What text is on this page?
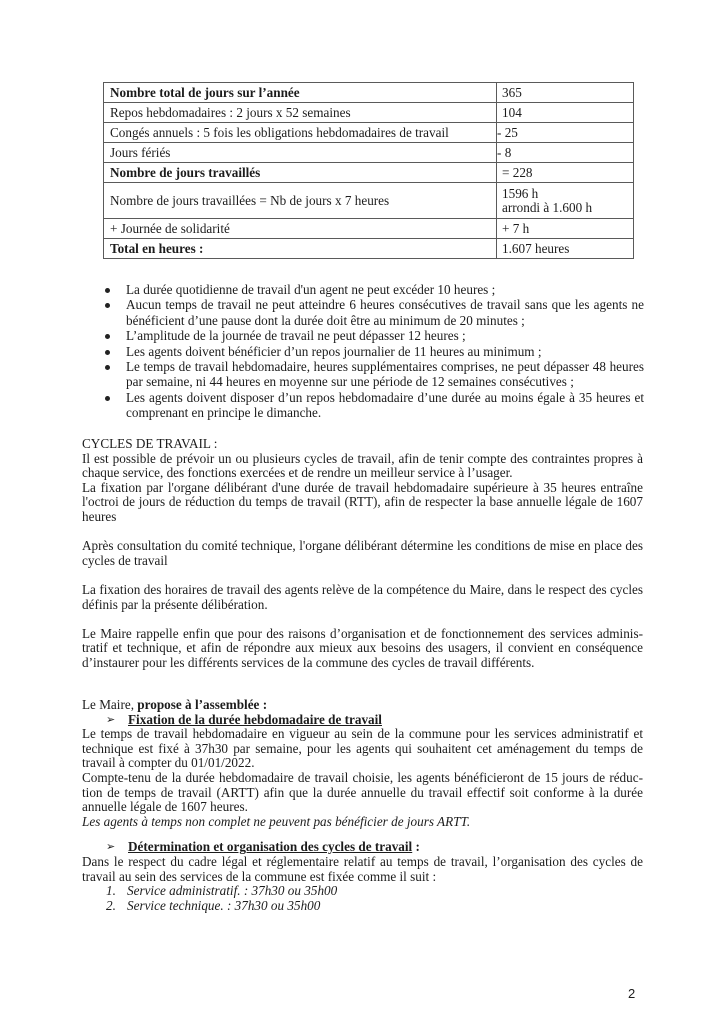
Nombre total de jours sur l’année	365
Repos hebdomadaires : 2 jours x 52 semaines	104
Congés annuels : 5 fois les obligations hebdomadaires de travail	- 25
Jours fériés	- 8
Nombre de jours travaillés	= 228
Nombre de jours travaillées = Nb de jours x 7 heures	1596 h
arrondi à 1.600 h

+ Journée de solidarité	+ 7 h
Total en heures :	1.607 heures
La durée quotidienne de travail d'un agent ne peut excéder 10 heures ;
Aucun temps de travail ne peut atteindre 6 heures consécutives de travail sans que les agents ne bénéficient d’une pause dont la durée doit être au minimum de 20 minutes ;
L’amplitude de la journée de travail ne peut dépasser 12 heures ;
Les agents doivent bénéficier d’un repos journalier de 11 heures au minimum ;
Le temps de travail hebdomadaire, heures supplémentaires comprises, ne peut dépasser 48 heures par semaine, ni 44 heures en moyenne sur une période de 12 semaines consécutives ;
Les agents doivent disposer d’un repos hebdomadaire d’une durée au moins égale à 35 heures et comprenant en principe le dimanche.

CYCLES DE TRAVAIL :

Il est possible de prévoir un ou plusieurs cycles de travail, afin de tenir compte des contraintes propres à chaque service, des fonctions exercées et de rendre un meilleur service à l’usager.

La fixation par l'organe délibérant d'une durée de travail hebdomadaire supérieure à 35 heures entraîne l'octroi de jours de réduction du temps de travail (RTT), afin de respecter la base annuelle légale de 1607 heures

Après consultation du comité technique, l'organe délibérant détermine les conditions de mise en place des cycles de travail

La fixation des horaires de travail des agents relève de la compétence du Maire, dans le respect des cycles définis par la présente délibération.

Le Maire rappelle enfin que pour des raisons d’organisation et de fonctionnement des services adminis-tratif et technique, et afin de répondre aux mieux aux besoins des usagers, il convient en conséquence d’instaurer pour les différents services de la commune des cycles de travail différents.

Le Maire, propose à l’assemblée :

➢ Fixation de la durée hebdomadaire de travail

Le temps de travail hebdomadaire en vigueur au sein de la commune pour les services administratif et technique est fixé à 37h30 par semaine, pour les agents qui souhaitent cet aménagement du temps de travail à compter du 01/01/2022.

Compte-tenu de la durée hebdomadaire de travail choisie, les agents bénéficieront de 15 jours de réduc-tion de temps de travail (ARTT) afin que la durée annuelle du travail effectif soit conforme à la durée annuelle légale de 1607 heures.

Les agents à temps non complet ne peuvent pas bénéficier de jours ARTT.

➢ Détermination et organisation des cycles de travail :

Dans le respect du cadre légal et réglementaire relatif au temps de travail, l’organisation des cycles de travail au sein des services de la commune est fixée comme il suit :

1. Service administratif. : 37h30 ou 35h00
2. Service technique. : 37h30 ou 35h00
2
